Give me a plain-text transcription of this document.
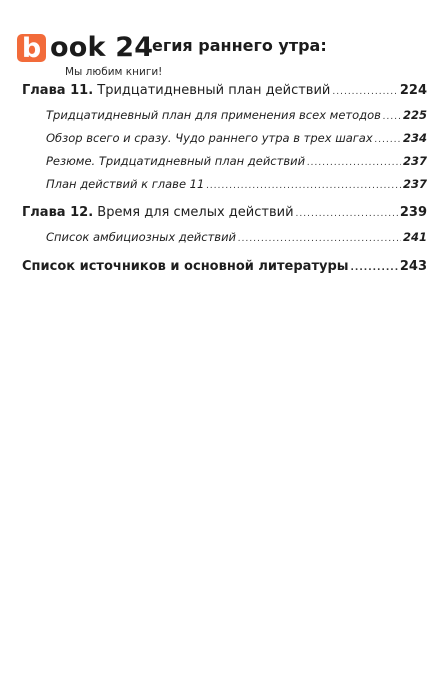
b ook 24
егия раннего утра:
Мы любим книги!
Глава 11. Тридцатидневный план действий .....	224
Тридцатидневный план для применения всех методов ..... 225
Обзор всего и сразу. Чудо раннего утра в трех шагах .....	234
Резюме. Тридцатидневный план действий .....	237
План действий к главе 11 .....	237
Глава 12. Время для смелых действий .....	239
Список амбициозных действий .....	241
Список источников и основной литературы .....	243
